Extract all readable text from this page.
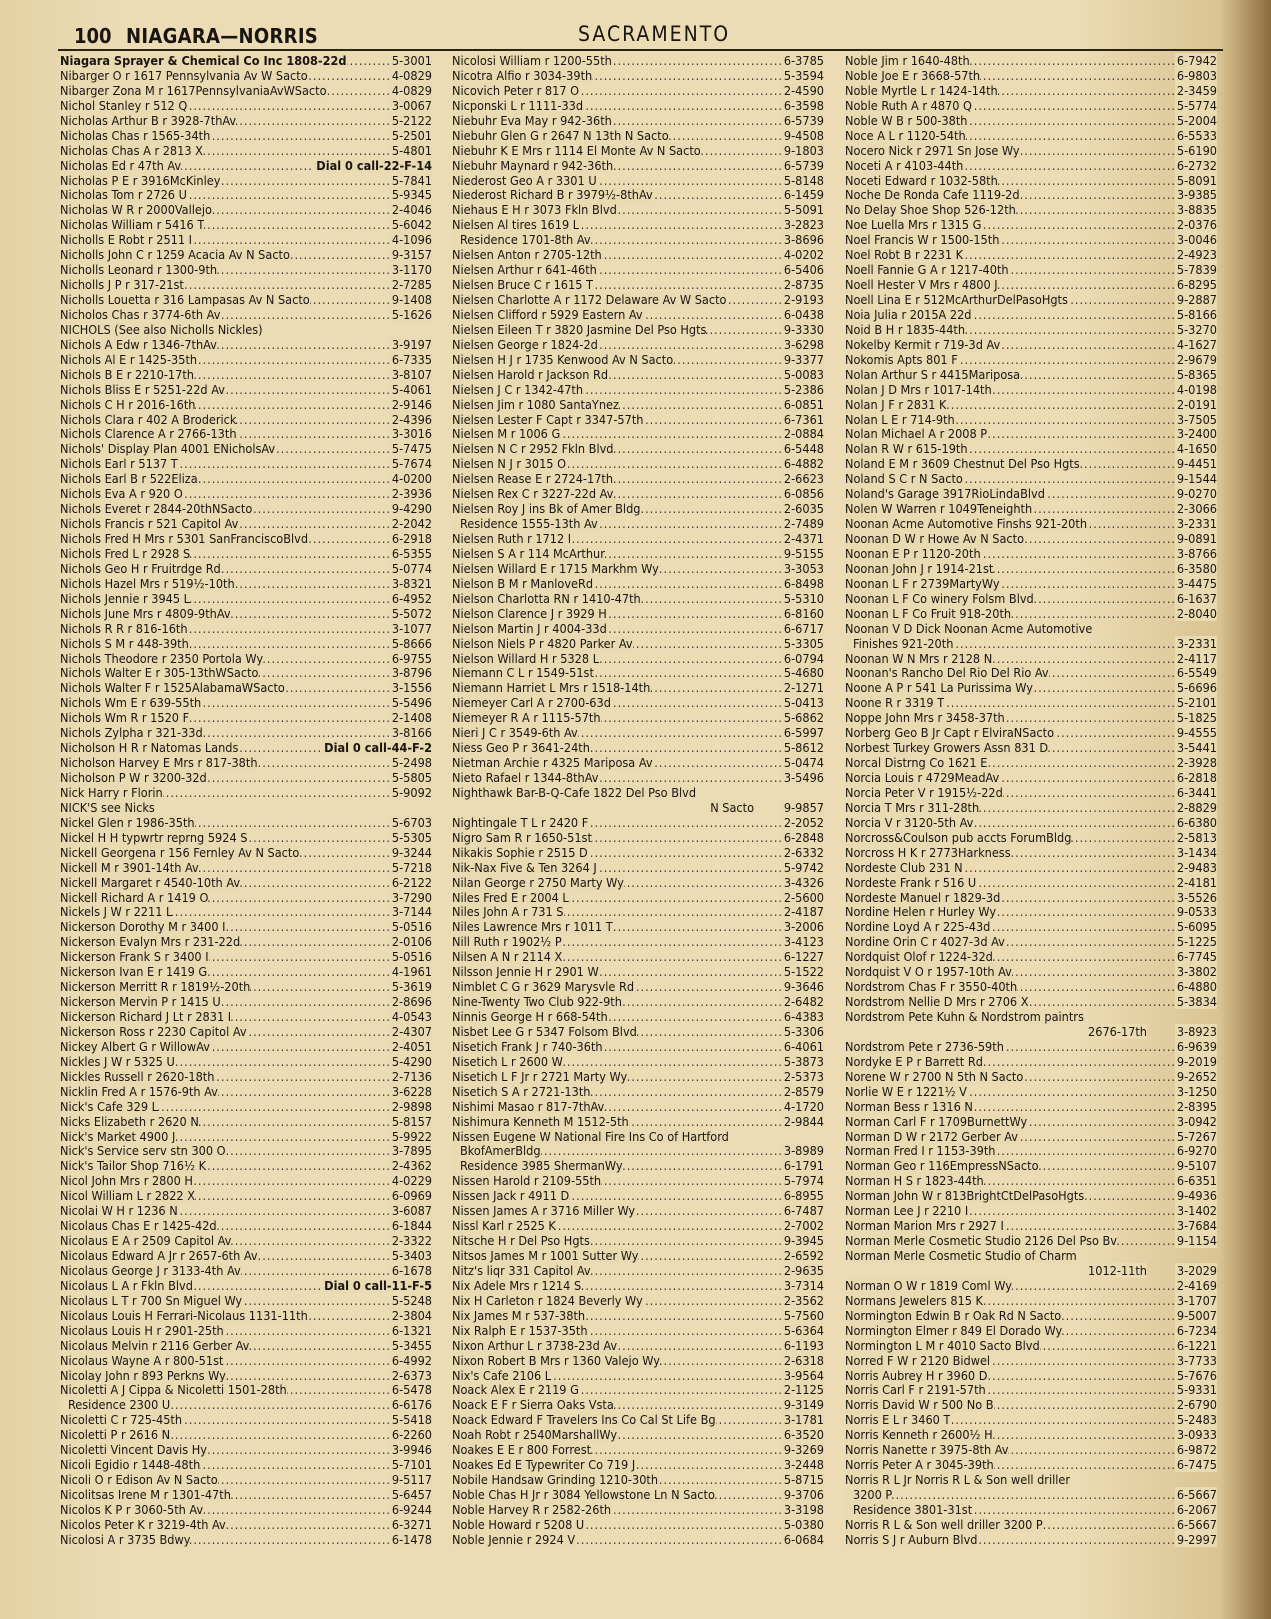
100 NIAGARA—NORRIS	SACRAMENTO
.....
Niagara Sprayer & Chemical Co Inc 1808-22d	5-3001
.....
Nibarger O r 1617 Pennsylvania Av W Sacto	4-0829
.....
Nibarger Zona M r 1617PennsylvaniaAvWSacto	4-0829
.....
Nichol Stanley r 512 Q	3-0067
.....
Nicholas Arthur B r 3928-7thAv	5-2122
.....
Nicholas Chas r 1565-34th	5-2501
.....
Nicholas Chas A r 2813 X	5-4801
.....
Nicholas Ed r 47th Av	Dial 0 call-22-F-14
.....
Nicholas P E r 3916McKinley	5-7841
.....
Nicholas Tom r 2726 U	5-9345
.....
Nicholas W R r 2000Vallejo	2-4046
.....
Nicholas William r 5416 T	5-6042
.....
Nicholls E Robt r 2511 I	4-1096
.....
Nicholls John C r 1259 Acacia Av N Sacto	9-3157
.....
Nicholls Leonard r 1300-9th	3-1170
.....
Nicholls J P r 317-21st	2-7285
.....
Nicholls Louetta r 316 Lampasas Av N Sacto	9-1408
.....
Nicholos Chas r 3774-6th Av	5-1626
NICHOLS (See also Nicholls Nickles)
.....
Nichols A Edw r 1346-7thAv	3-9197
.....
Nichols Al E r 1425-35th	6-7335
.....
Nichols B E r 2210-17th	3-8107
.....
Nichols Bliss E r 5251-22d Av	5-4061
.....
Nichols C H r 2016-16th	2-9146
.....
Nichols Clara r 402 A Broderick	2-4396
.....
Nichols Clarence A r 2766-13th	3-3016
.....
Nichols' Display Plan 4001 ENicholsAv	5-7475
.....
Nichols Earl r 5137 T	5-7674
.....
Nichols Earl B r 522Eliza	4-0200
.....
Nichols Eva A r 920 O	2-3936
.....
Nichols Everet r 2844-20thNSacto	9-4290
.....
Nichols Francis r 521 Capitol Av	2-2042
.....
Nichols Fred H Mrs r 5301 SanFranciscoBlvd	6-2918
.....
Nichols Fred L r 2928 S	6-5355
.....
Nichols Geo H r Fruitrdge Rd	5-0774
.....
Nichols Hazel Mrs r 519½-10th	3-8321
.....
Nichols Jennie r 3945 L	6-4952
.....
Nichols June Mrs r 4809-9thAv	5-5072
.....
Nichols R R r 816-16th	3-1077
.....
Nichols S M r 448-39th	5-8666
.....
Nichols Theodore r 2350 Portola Wy	6-9755
.....
Nichols Walter E r 305-13thWSacto	3-8796
.....
Nichols Walter F r 1525AlabamaWSacto	3-1556
.....
Nichols Wm E r 639-55th	5-5496
.....
Nichols Wm R r 1520 F	2-1408
.....
Nichols Zylpha r 321-33d	3-8166
.....
Nicholson H R r Natomas Lands	Dial 0 call-44-F-2
.....
Nicholson Harvey E Mrs r 817-38th	5-2498
.....
Nicholson P W r 3200-32d	5-5805
.....
Nick Harry r Florin	5-9092
NICK'S see Nicks
.....
Nickel Glen r 1986-35th	5-6703
.....
Nickel H H typwrtr reprng 5924 S	5-5305
.....
Nickell Georgena r 156 Fernley Av N Sacto	9-3244
.....
Nickell M r 3901-14th Av	5-7218
.....
Nickell Margaret r 4540-10th Av	6-2122
.....
Nickell Richard A r 1419 O	3-7290
.....
Nickels J W r 2211 L	3-7144
.....
Nickerson Dorothy M r 3400 I	5-0516
.....
Nickerson Evalyn Mrs r 231-22d	2-0106
.....
Nickerson Frank S r 3400 I	5-0516
.....
Nickerson Ivan E r 1419 G	4-1961
.....
Nickerson Merritt R r 1819½-20th	5-3619
.....
Nickerson Mervin P r 1415 U	2-8696
.....
Nickerson Richard J Lt r 2831 I	4-0543
.....
Nickerson Ross r 2230 Capitol Av	2-4307
.....
Nickey Albert G r WillowAv	2-4051
.....
Nickles J W r 5325 U	5-4290
.....
Nickles Russell r 2620-18th	2-7136
.....
Nicklin Fred A r 1576-9th Av	3-6228
.....
Nick's Cafe 329 L	2-9898
.....
Nicks Elizabeth r 2620 N	5-8157
.....
Nick's Market 4900 J	5-9922
.....
Nick's Service serv stn 300 O	3-7895
.....
Nick's Tailor Shop 716½ K	2-4362
.....
Nicol John Mrs r 2800 H	4-0229
.....
Nicol William L r 2822 X	6-0969
.....
Nicolai W H r 1236 N	3-6087
.....
Nicolaus Chas E r 1425-42d	6-1844
.....
Nicolaus E A r 2509 Capitol Av	2-3322
.....
Nicolaus Edward A Jr r 2657-6th Av	5-3403
.....
Nicolaus George J r 3133-4th Av	6-1678
.....
Nicolaus L A r Fkln Blvd	Dial 0 call-11-F-5
.....
Nicolaus L T r 700 Sn Miguel Wy	5-5248
.....
Nicolaus Louis H Ferrari-Nicolaus 1131-11th	2-3804
.....
Nicolaus Louis H r 2901-25th	6-1321
.....
Nicolaus Melvin r 2116 Gerber Av	5-3455
.....
Nicolaus Wayne A r 800-51st	6-4992
.....
Nicolay John r 893 Perkns Wy	2-6373
.....
Nicoletti A J Cippa & Nicoletti 1501-28th	6-5478
.....
Residence 2300 U	6-6176
.....
Nicoletti C r 725-45th	5-5418
.....
Nicoletti P r 2616 N	6-2260
.....
Nicoletti Vincent Davis Hy	3-9946
.....
Nicoli Egidio r 1448-48th	5-7101
.....
Nicoli O r Edison Av N Sacto	9-5117
.....
Nicolitsas Irene M r 1301-47th	5-6457
.....
Nicolos K P r 3060-5th Av	6-9244
.....
Nicolos Peter K r 3219-4th Av	6-3271
.....
Nicolosi A r 3735 Bdwy	6-1478
.....
Nicolosi William r 1200-55th	6-3785
.....
Nicotra Alfio r 3034-39th	5-3594
.....
Nicovich Peter r 817 O	2-4590
.....
Nicponski L r 1111-33d	6-3598
.....
Niebuhr Eva May r 942-36th	6-5739
.....
Niebuhr Glen G r 2647 N 13th N Sacto	9-4508
.....
Niebuhr K E Mrs r 1114 El Monte Av N Sacto	9-1803
.....
Niebuhr Maynard r 942-36th	6-5739
.....
Niederost Geo A r 3301 U	5-8148
.....
Niederost Richard B r 3979½-8thAv	6-1459
.....
Niehaus E H r 3073 Fkln Blvd	5-5091
.....
Nielsen Al tires 1619 L	3-2823
.....
Residence 1701-8th Av	3-8696
.....
Nielsen Anton r 2705-12th	4-0202
.....
Nielsen Arthur r 641-46th	6-5406
.....
Nielsen Bruce C r 1615 T	2-8735
.....
Nielsen Charlotte A r 1172 Delaware Av W Sacto	2-9193
.....
Nielsen Clifford r 5929 Eastern Av	6-0438
.....
Nielsen Eileen T r 3820 Jasmine Del Pso Hgts	9-3330
.....
Nielsen George r 1824-2d	3-6298
.....
Nielsen H J r 1735 Kenwood Av N Sacto	9-3377
.....
Nielsen Harold r Jackson Rd	5-0083
.....
Nielsen J C r 1342-47th	5-2386
.....
Nielsen Jim r 1080 SantaYnez	6-0851
.....
Nielsen Lester F Capt r 3347-57th	6-7361
.....
Nielsen M r 1006 G	2-0884
.....
Nielsen N C r 2952 Fkln Blvd	6-5448
.....
Nielsen N J r 3015 O	6-4882
.....
Nielsen Rease E r 2724-17th	2-6623
.....
Nielsen Rex C r 3227-22d Av	6-0856
.....
Nielsen Roy J ins Bk of Amer Bldg	2-6035
.....
Residence 1555-13th Av	2-7489
.....
Nielsen Ruth r 1712 I	2-4371
.....
Nielsen S A r 114 McArthur	9-5155
.....
Nielsen Willard E r 1715 Markhm Wy	3-3053
.....
Nielson B M r ManloveRd	6-8498
.....
Nielson Charlotta RN r 1410-47th	5-5310
.....
Nielson Clarence J r 3929 H	6-8160
.....
Nielson Martin J r 4004-33d	6-6717
.....
Nielson Niels P r 4820 Parker Av	5-3305
.....
Nielson Willard H r 5328 L	6-0794
.....
Niemann C L r 1549-51st	5-4680
.....
Niemann Harriet L Mrs r 1518-14th	2-1271
.....
Niemeyer Carl A r 2700-63d	5-0413
.....
Niemeyer R A r 1115-57th	5-6862
.....
Nieri J C r 3549-6th Av	6-5997
.....
Niess Geo P r 3641-24th	5-8612
.....
Nietman Archie r 4325 Mariposa Av	5-0474
.....
Nieto Rafael r 1344-8thAv	3-5496
Nighthawk Bar-B-Q-Cafe 1822 Del Pso Blvd
N Sacto 9-9857
.....
Nightingale T L r 2420 F	2-2052
.....
Nigro Sam R r 1650-51st	6-2848
.....
Nikakis Sophie r 2515 D	2-6332
.....
Nik-Nax Five & Ten 3264 J	5-9742
.....
Nilan George r 2750 Marty Wy	3-4326
.....
Niles Fred E r 2004 L	2-5600
.....
Niles John A r 731 S	2-4187
.....
Niles Lawrence Mrs r 1011 T	3-2006
.....
Nill Ruth r 1902½ P	3-4123
.....
Nilsen A N r 2114 X	6-1227
.....
Nilsson Jennie H r 2901 W	5-1522
.....
Nimblet C G r 3629 Marysvle Rd	9-3646
.....
Nine-Twenty Two Club 922-9th	2-6482
.....
Ninnis George H r 668-54th	6-4383
.....
Nisbet Lee G r 5347 Folsom Blvd	5-3306
.....
Nisetich Frank J r 740-36th	6-4061
.....
Nisetich L r 2600 W	5-3873
.....
Nisetich L F Jr r 2721 Marty Wy	2-5373
.....
Nisetich S A r 2721-13th	2-8579
.....
Nishimi Masao r 817-7thAv	4-1720
.....
Nishimura Kenneth M 1512-5th	2-9844
Nissen Eugene W National Fire Ins Co of Hartford
.....
BkofAmerBldg	3-8989
.....
Residence 3985 ShermanWy	6-1791
.....
Nissen Harold r 2109-55th	5-7974
.....
Nissen Jack r 4911 D	6-8955
.....
Nissen James A r 3716 Miller Wy	6-7487
.....
Nissl Karl r 2525 K	2-7002
.....
Nitsche H r Del Pso Hgts	9-3945
.....
Nitsos James M r 1001 Sutter Wy	2-6592
.....
Nitz's liqr 331 Capitol Av	2-9635
.....
Nix Adele Mrs r 1214 S	3-7314
.....
Nix H Carleton r 1824 Beverly Wy	2-3562
.....
Nix James M r 537-38th	5-7560
.....
Nix Ralph E r 1537-35th	5-6364
.....
Nixon Arthur L r 3738-23d Av	6-1193
.....
Nixon Robert B Mrs r 1360 Valejo Wy	2-6318
.....
Nix's Cafe 2106 L	3-9564
.....
Noack Alex E r 2119 G	2-1125
.....
Noack E F r Sierra Oaks Vsta	9-3149
.....
Noack Edward F Travelers Ins Co Cal St Life Bg	3-1781
.....
Noah Robt r 2540MarshallWy	6-3520
.....
Noakes E E r 800 Forrest	9-3269
.....
Noakes Ed E Typewriter Co 719 J	3-2448
.....
Nobile Handsaw Grinding 1210-30th	5-8715
.....
Noble Chas H Jr r 3084 Yellowstone Ln N Sacto	9-3706
.....
Noble Harvey R r 2582-26th	3-3198
.....
Noble Howard r 5208 U	5-0380
.....
Noble Jennie r 2924 V	6-0684
.....
Noble Jim r 1640-48th	6-7942
.....
Noble Joe E r 3668-57th	6-9803
.....
Noble Myrtle L r 1424-14th	2-3459
.....
Noble Ruth A r 4870 Q	5-5774
.....
Noble W B r 500-38th	5-2004
.....
Noce A L r 1120-54th	6-5533
.....
Nocero Nick r 2971 Sn Jose Wy	5-6190
.....
Noceti A r 4103-44th	6-2732
.....
Noceti Edward r 1032-58th	5-8091
.....
Noche De Ronda Cafe 1119-2d	3-9385
.....
No Delay Shoe Shop 526-12th	3-8835
.....
Noe Luella Mrs r 1315 G	2-0376
.....
Noel Francis W r 1500-15th	3-0046
.....
Noel Robt B r 2231 K	2-4923
.....
Noell Fannie G A r 1217-40th	5-7839
.....
Noell Hester V Mrs r 4800 J	6-8295
.....
Noell Lina E r 512McArthurDelPasoHgts	9-2887
.....
Noia Julia r 2015A 22d	5-8166
.....
Noid B H r 1835-44th	5-3270
.....
Nokelby Kermit r 719-3d Av	4-1627
.....
Nokomis Apts 801 F	2-9679
.....
Nolan Arthur S r 4415Mariposa	5-8365
.....
Nolan J D Mrs r 1017-14th	4-0198
.....
Nolan J F r 2831 K	2-0191
.....
Nolan L E r 714-9th	3-7505
.....
Nolan Michael A r 2008 P	3-2400
.....
Nolan R W r 615-19th	4-1650
.....
Noland E M r 3609 Chestnut Del Pso Hgts	9-4451
.....
Noland S C r N Sacto	9-1544
.....
Noland's Garage 3917RioLindaBlvd	9-0270
.....
Nolen W Warren r 1049Teneighth	2-3066
.....
Noonan Acme Automotive Finshs 921-20th	3-2331
.....
Noonan D W r Howe Av N Sacto	9-0891
.....
Noonan E P r 1120-20th	3-8766
.....
Noonan John J r 1914-21st	6-3580
.....
Noonan L F r 2739MartyWy	3-4475
.....
Noonan L F Co winery Folsm Blvd	6-1637
.....
Noonan L F Co Fruit 918-20th	2-8040
Noonan V D Dick Noonan Acme Automotive
.....
Finishes 921-20th	3-2331
.....
Noonan W N Mrs r 2128 N	2-4117
.....
Noonan's Rancho Del Rio Del Rio Av	6-5549
.....
Noone A P r 541 La Purissima Wy	5-6696
.....
Noone R r 3319 T	5-2101
.....
Noppe John Mrs r 3458-37th	5-1825
.....
Norberg Geo B Jr Capt r ElviraNSacto	9-4555
.....
Norbest Turkey Growers Assn 831 D	3-5441
.....
Norcal Distrng Co 1621 E	2-3928
.....
Norcia Louis r 4729MeadAv	6-2818
.....
Norcia Peter V r 1915½-22d	6-3441
.....
Norcia T Mrs r 311-28th	2-8829
.....
Norcia V r 3120-5th Av	6-6380
.....
Norcross&Coulson pub accts ForumBldg	2-5813
.....
Norcross H K r 2773Harkness	3-1434
.....
Nordeste Club 231 N	2-9483
.....
Nordeste Frank r 516 U	2-4181
.....
Nordeste Manuel r 1829-3d	3-5526
.....
Nordine Helen r Hurley Wy	9-0533
.....
Nordine Loyd A r 225-43d	5-6095
.....
Nordine Orin C r 4027-3d Av	5-1225
.....
Nordquist Olof r 1224-32d	6-7745
.....
Nordquist V O r 1957-10th Av	3-3802
.....
Nordstrom Chas F r 3550-40th	6-4880
.....
Nordstrom Nellie D Mrs r 2706 X	5-3834
Nordstrom Pete Kuhn & Nordstrom paintrs
2676-17th 3-8923
.....
Nordstrom Pete r 2736-59th	6-9639
.....
Nordyke E P r Barrett Rd	9-2019
.....
Norene W r 2700 N 5th N Sacto	9-2652
.....
Norlie W E r 1221½ V	3-1250
.....
Norman Bess r 1316 N	2-8395
.....
Norman Carl F r 1709BurnettWy	3-0942
.....
Norman D W r 2172 Gerber Av	5-7267
.....
Norman Fred I r 1153-39th	6-9270
.....
Norman Geo r 116EmpressNSacto	9-5107
.....
Norman H S r 1823-44th	6-6351
.....
Norman John W r 813BrightCtDelPasoHgts	9-4936
.....
Norman Lee J r 2210 I	3-1402
.....
Norman Marion Mrs r 2927 I	3-7684
.....
Norman Merle Cosmetic Studio 2126 Del Pso Bv	9-1154
Norman Merle Cosmetic Studio of Charm
1012-11th 3-2029
.....
Norman O W r 1819 Coml Wy	2-4169
.....
Normans Jewelers 815 K	3-1707
.....
Normington Edwin B r Oak Rd N Sacto	9-5007
.....
Normington Elmer r 849 El Dorado Wy	6-7234
.....
Normington L M r 4010 Sacto Blvd	6-1221
.....
Norred F W r 2120 Bidwel	3-7733
.....
Norris Aubrey H r 3960 D	5-7676
.....
Norris Carl F r 2191-57th	5-9331
.....
Norris David W r 500 No B	2-6790
.....
Norris E L r 3460 T	5-2483
.....
Norris Kenneth r 2600½ H	3-0933
.....
Norris Nanette r 3975-8th Av	6-9872
.....
Norris Peter A r 3045-39th	6-7475
Norris R L Jr Norris R L & Son well driller
.....
3200 P	6-5667
.....
Residence 3801-31st	6-2067
.....
Norris R L & Son well driller 3200 P	6-5667
.....
Norris S J r Auburn Blvd	9-2997
